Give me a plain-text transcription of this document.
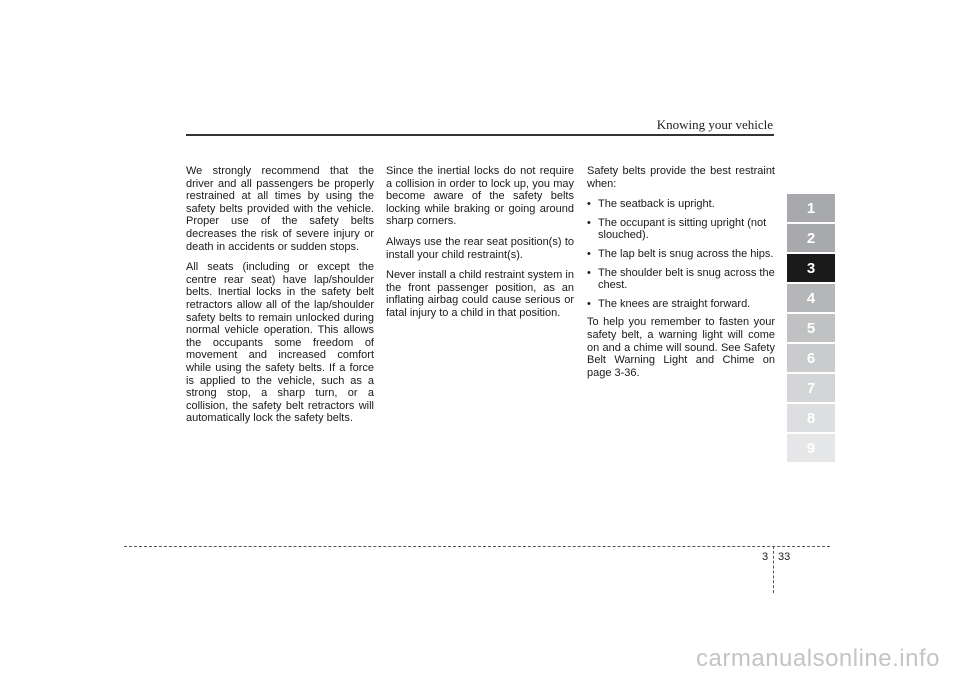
Knowing your vehicle

We strongly recommend that the driver and all passengers be properly restrained at all times by using the safety belts provided with the vehicle. Proper use of the safety belts decreases the risk of severe injury or death in accidents or sudden stops.

All seats (including or except the centre rear seat) have lap/shoulder belts. Inertial locks in the safety belt retractors allow all of the lap/shoulder safety belts to remain unlocked during normal vehicle operation. This allows the occupants some freedom of movement and increased comfort while using the safety belts. If a force is applied to the vehicle, such as a strong stop, a sharp turn, or a collision, the safety belt retractors will automatically lock the safety belts.

Since the inertial locks do not require a collision in order to lock up, you may become aware of the safety belts locking while braking or going around sharp corners.

Always use the rear seat position(s) to install your child restraint(s).

Never install a child restraint system in the front passenger position, as an inflating airbag could cause serious or fatal injury to a child in that position.

Safety belts provide the best restraint when:

• The seatback is upright.
• The occupant is sitting upright (not slouched).
• The lap belt is snug across the hips.
• The shoulder belt is snug across the chest.
• The knees are straight forward.

To help you remember to fasten your safety belt, a warning light will come on and a chime will sound. See Safety Belt Warning Light and Chime on page 3-36.

1
2
3
4
5
6
7
8
9
3 33
carmanualsonline.info
